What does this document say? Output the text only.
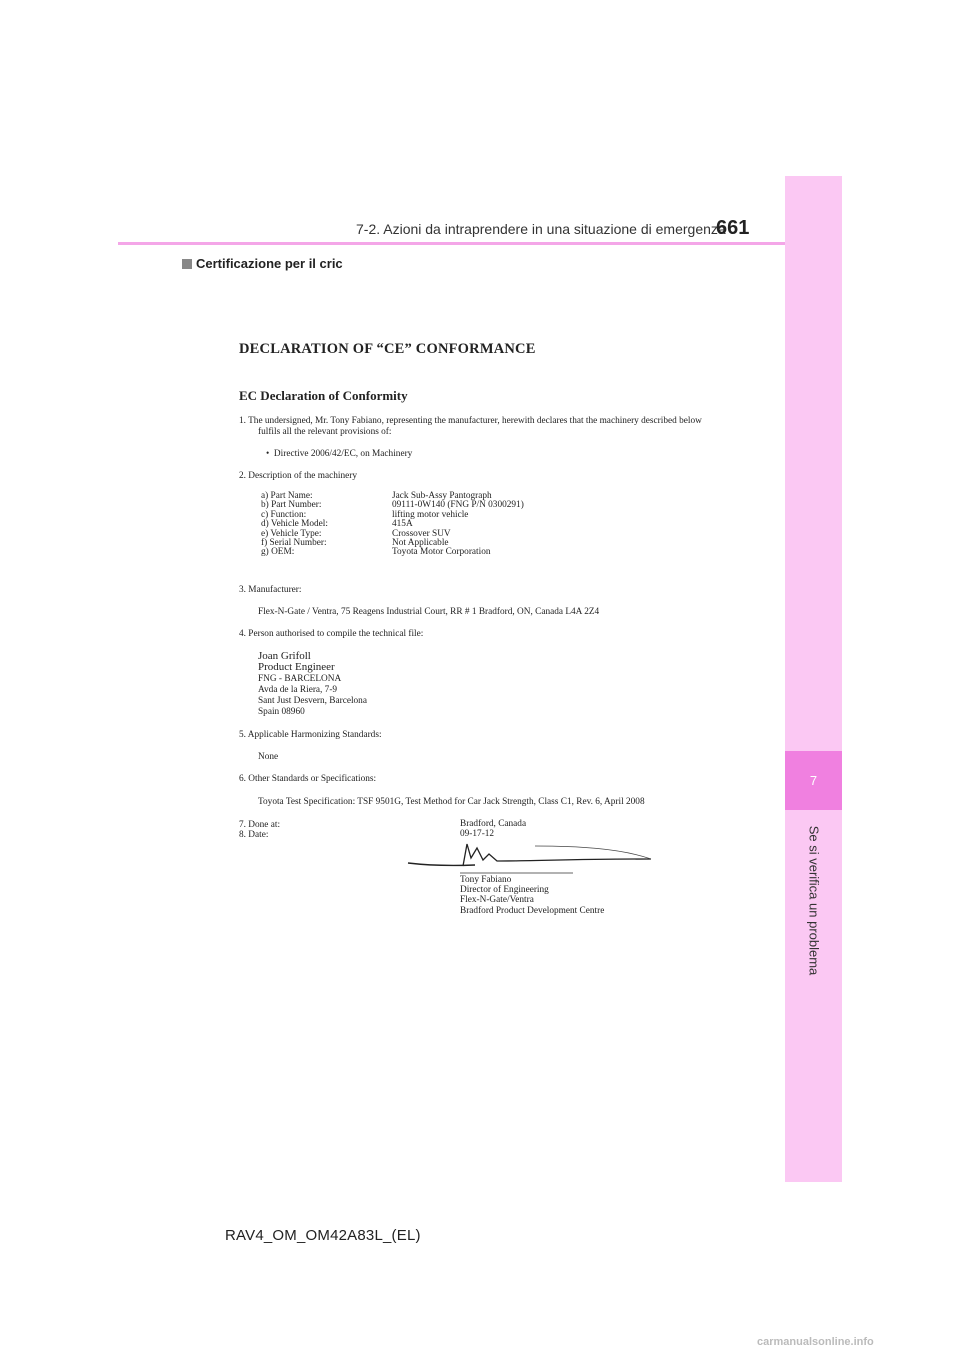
7-2. Azioni da intraprendere in una situazione di emergenza
661
7
Se si verifica un problema
Certificazione per il cric
DECLARATION OF “CE” CONFORMANCE
EC Declaration of Conformity
1. The undersigned, Mr. Tony Fabiano, representing the manufacturer, herewith declares that the machinery described below
fulfils all the relevant provisions of:
• Directive 2006/42/EC, on Machinery
2. Description of the machinery
a) Part Name:	Jack Sub-Assy Pantograph
b) Part Number:	09111-0W140 (FNG P/N 0300291)
c) Function:	lifting motor vehicle
d) Vehicle Model:	415A
e) Vehicle Type:	Crossover SUV
f) Serial Number:	Not Applicable
g) OEM:	Toyota Motor Corporation
3. Manufacturer:
Flex-N-Gate / Ventra, 75 Reagens Industrial Court, RR # 1 Bradford, ON, Canada L4A 2Z4
4. Person authorised to compile the technical file:
Joan Grifoll
Product Engineer
FNG - BARCELONA
Avda de la Riera, 7-9
Sant Just Desvern, Barcelona
Spain 08960
5. Applicable Harmonizing Standards:
None
6. Other Standards or Specifications:
Toyota Test Specification: TSF 9501G, Test Method for Car Jack Strength, Class C1, Rev. 6, April 2008
7. Done at:	Bradford, Canada
8. Date:	09-17-12
Tony Fabiano
Director of Engineering
Flex-N-Gate/Ventra
Bradford Product Development Centre
RAV4_OM_OM42A83L_(EL)
carmanualsonline.info
